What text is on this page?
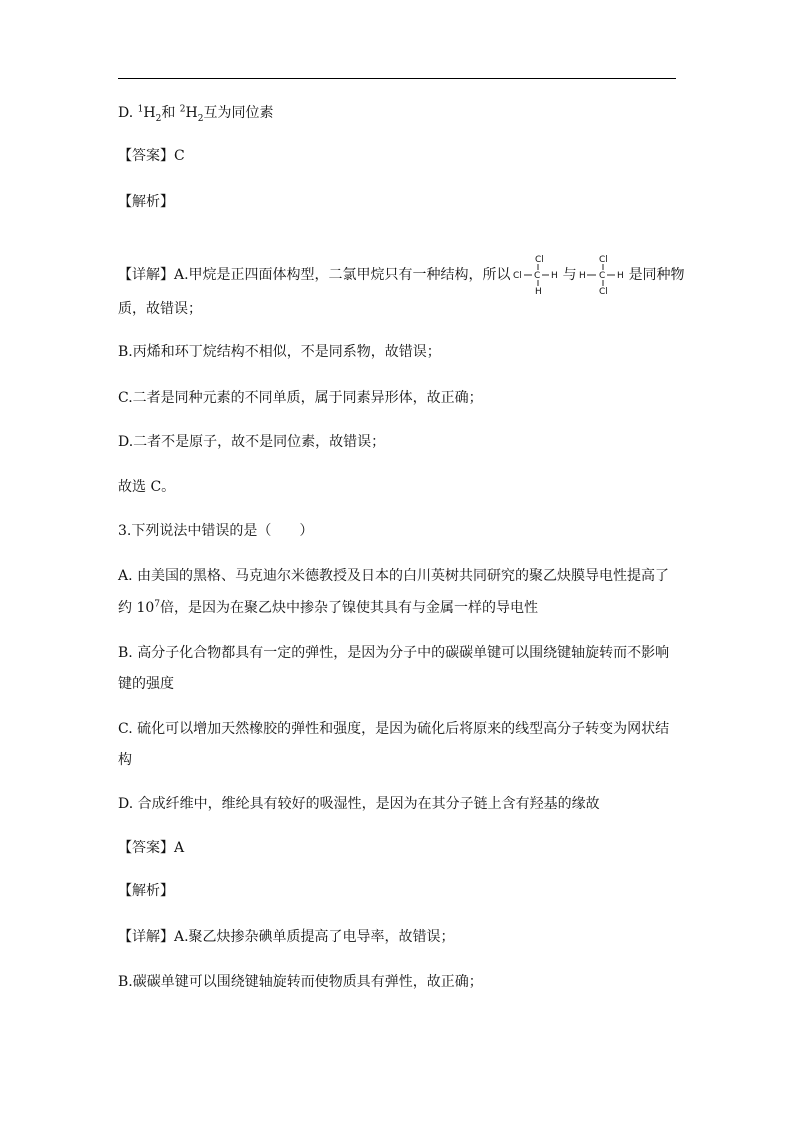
D. $^1H_2$和 $^2H_2$互为同位素
【答案】C
【解析】
【详解】A.甲烷是正四面体构型，二氯甲烷只有一种结构，所以
Cl
Cl C H
H
与
Cl
H C H
Cl
是同种物
质，故错误；
B.丙烯和环丁烷结构不相似，不是同系物，故错误；
C.二者是同种元素的不同单质，属于同素异形体，故正确；
D.二者不是原子，故不是同位素，故错误；
故选 C。
3.下列说法中错误的是（　　）
A. 由美国的黑格、马克迪尔米德教授及日本的白川英树共同研究的聚乙炔膜导电性提高了
约 $10^7$倍，是因为在聚乙炔中掺杂了镍使其具有与金属一样的导电性
B. 高分子化合物都具有一定的弹性，是因为分子中的碳碳单键可以围绕键轴旋转而不影响
键的强度
C. 硫化可以增加天然橡胶的弹性和强度，是因为硫化后将原来的线型高分子转变为网状结
构
D. 合成纤维中，维纶具有较好的吸湿性，是因为在其分子链上含有羟基的缘故
【答案】A
【解析】
【详解】A.聚乙炔掺杂碘单质提高了电导率，故错误；
B.碳碳单键可以围绕键轴旋转而使物质具有弹性，故正确；
